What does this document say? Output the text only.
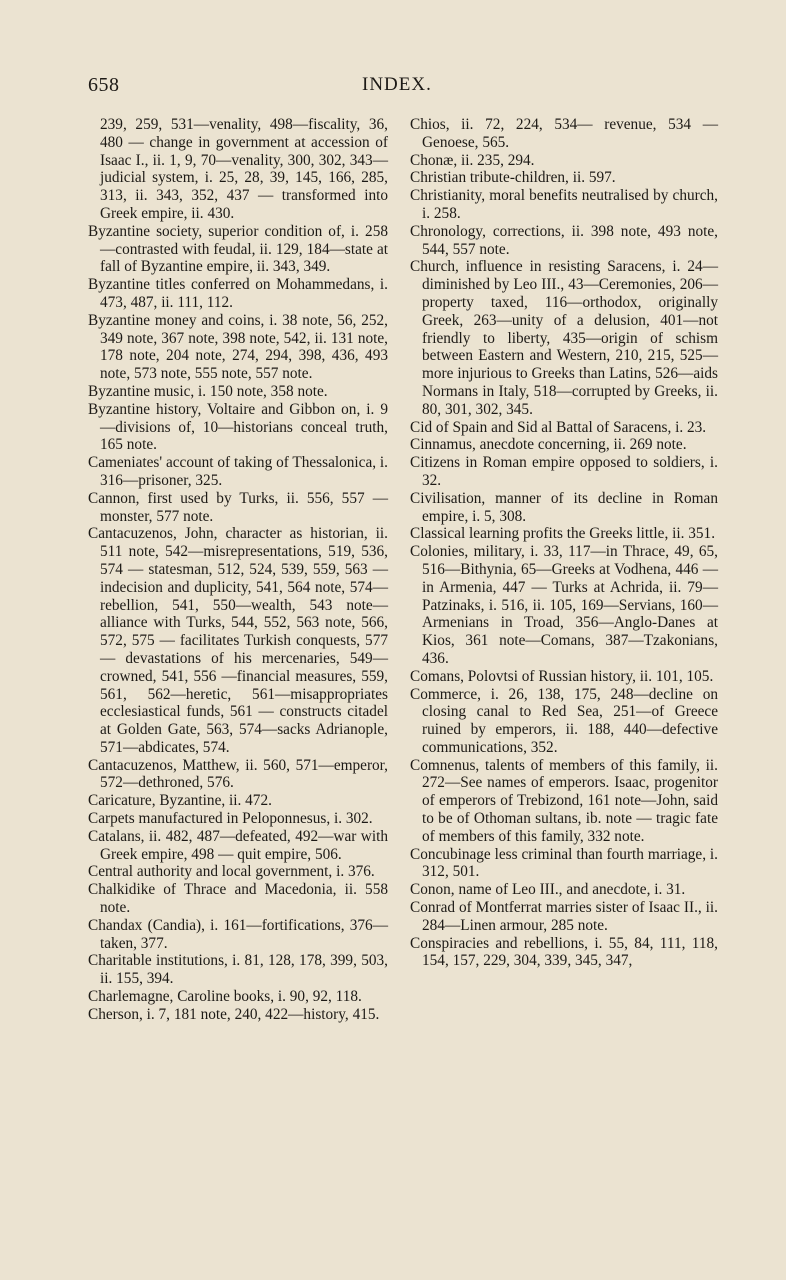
658	INDEX.

239, 259, 531—venality, 498—fiscality, 36, 480 — change in government at accession of Isaac I., ii. 1, 9, 70—venality, 300, 302, 343—judicial system, i. 25, 28, 39, 145, 166, 285, 313, ii. 343, 352, 437 — transformed into Greek empire, ii. 430.

Byzantine society, superior condition of, i. 258—contrasted with feudal, ii. 129, 184—state at fall of Byzantine empire, ii. 343, 349.

Byzantine titles conferred on Mohammedans, i. 473, 487, ii. 111, 112.

Byzantine money and coins, i. 38 note, 56, 252, 349 note, 367 note, 398 note, 542, ii. 131 note, 178 note, 204 note, 274, 294, 398, 436, 493 note, 573 note, 555 note, 557 note.

Byzantine music, i. 150 note, 358 note.

Byzantine history, Voltaire and Gibbon on, i. 9—divisions of, 10—historians conceal truth, 165 note.

Cameniates' account of taking of Thessalonica, i. 316—prisoner, 325.

Cannon, first used by Turks, ii. 556, 557 —monster, 577 note.

Cantacuzenos, John, character as historian, ii. 511 note, 542—misrepresentations, 519, 536, 574 — statesman, 512, 524, 539, 559, 563 —indecision and duplicity, 541, 564 note, 574—rebellion, 541, 550—wealth, 543 note—alliance with Turks, 544, 552, 563 note, 566, 572, 575 — facilitates Turkish conquests, 577 — devastations of his mercenaries, 549—crowned, 541, 556 —financial measures, 559, 561, 562—heretic, 561—misappropriates ecclesiastical funds, 561 — constructs citadel at Golden Gate, 563, 574—sacks Adrianople, 571—abdicates, 574.

Cantacuzenos, Matthew, ii. 560, 571—emperor, 572—dethroned, 576.

Caricature, Byzantine, ii. 472.

Carpets manufactured in Peloponnesus, i. 302.

Catalans, ii. 482, 487—defeated, 492—war with Greek empire, 498 — quit empire, 506.

Central authority and local government, i. 376.

Chalkidike of Thrace and Macedonia, ii. 558 note.

Chandax (Candia), i. 161—fortifications, 376—taken, 377.

Charitable institutions, i. 81, 128, 178, 399, 503, ii. 155, 394.

Charlemagne, Caroline books, i. 90, 92, 118.

Cherson, i. 7, 181 note, 240, 422—history, 415.

Chios, ii. 72, 224, 534— revenue, 534 — Genoese, 565.

Chonæ, ii. 235, 294.

Christian tribute-children, ii. 597.

Christianity, moral benefits neutralised by church, i. 258.

Chronology, corrections, ii. 398 note, 493 note, 544, 557 note.

Church, influence in resisting Saracens, i. 24—diminished by Leo III., 43—Ceremonies, 206—property taxed, 116—orthodox, originally Greek, 263—unity of a delusion, 401—not friendly to liberty, 435—origin of schism between Eastern and Western, 210, 215, 525—more injurious to Greeks than Latins, 526—aids Normans in Italy, 518—corrupted by Greeks, ii. 80, 301, 302, 345.

Cid of Spain and Sid al Battal of Saracens, i. 23.

Cinnamus, anecdote concerning, ii. 269 note.

Citizens in Roman empire opposed to soldiers, i. 32.

Civilisation, manner of its decline in Roman empire, i. 5, 308.

Classical learning profits the Greeks little, ii. 351.

Colonies, military, i. 33, 117—in Thrace, 49, 65, 516—Bithynia, 65—Greeks at Vodhena, 446 — in Armenia, 447 — Turks at Achrida, ii. 79—Patzinaks, i. 516, ii. 105, 169—Servians, 160—Armenians in Troad, 356—Anglo-Danes at Kios, 361 note—Comans, 387—Tzakonians, 436.

Comans, Polovtsi of Russian history, ii. 101, 105.

Commerce, i. 26, 138, 175, 248—decline on closing canal to Red Sea, 251—of Greece ruined by emperors, ii. 188, 440—defective communications, 352.

Comnenus, talents of members of this family, ii. 272—See names of emperors. Isaac, progenitor of emperors of Trebizond, 161 note—John, said to be of Othoman sultans, ib. note — tragic fate of members of this family, 332 note.

Concubinage less criminal than fourth marriage, i. 312, 501.

Conon, name of Leo III., and anecdote, i. 31.

Conrad of Montferrat marries sister of Isaac II., ii. 284—Linen armour, 285 note.

Conspiracies and rebellions, i. 55, 84, 111, 118, 154, 157, 229, 304, 339, 345, 347,
